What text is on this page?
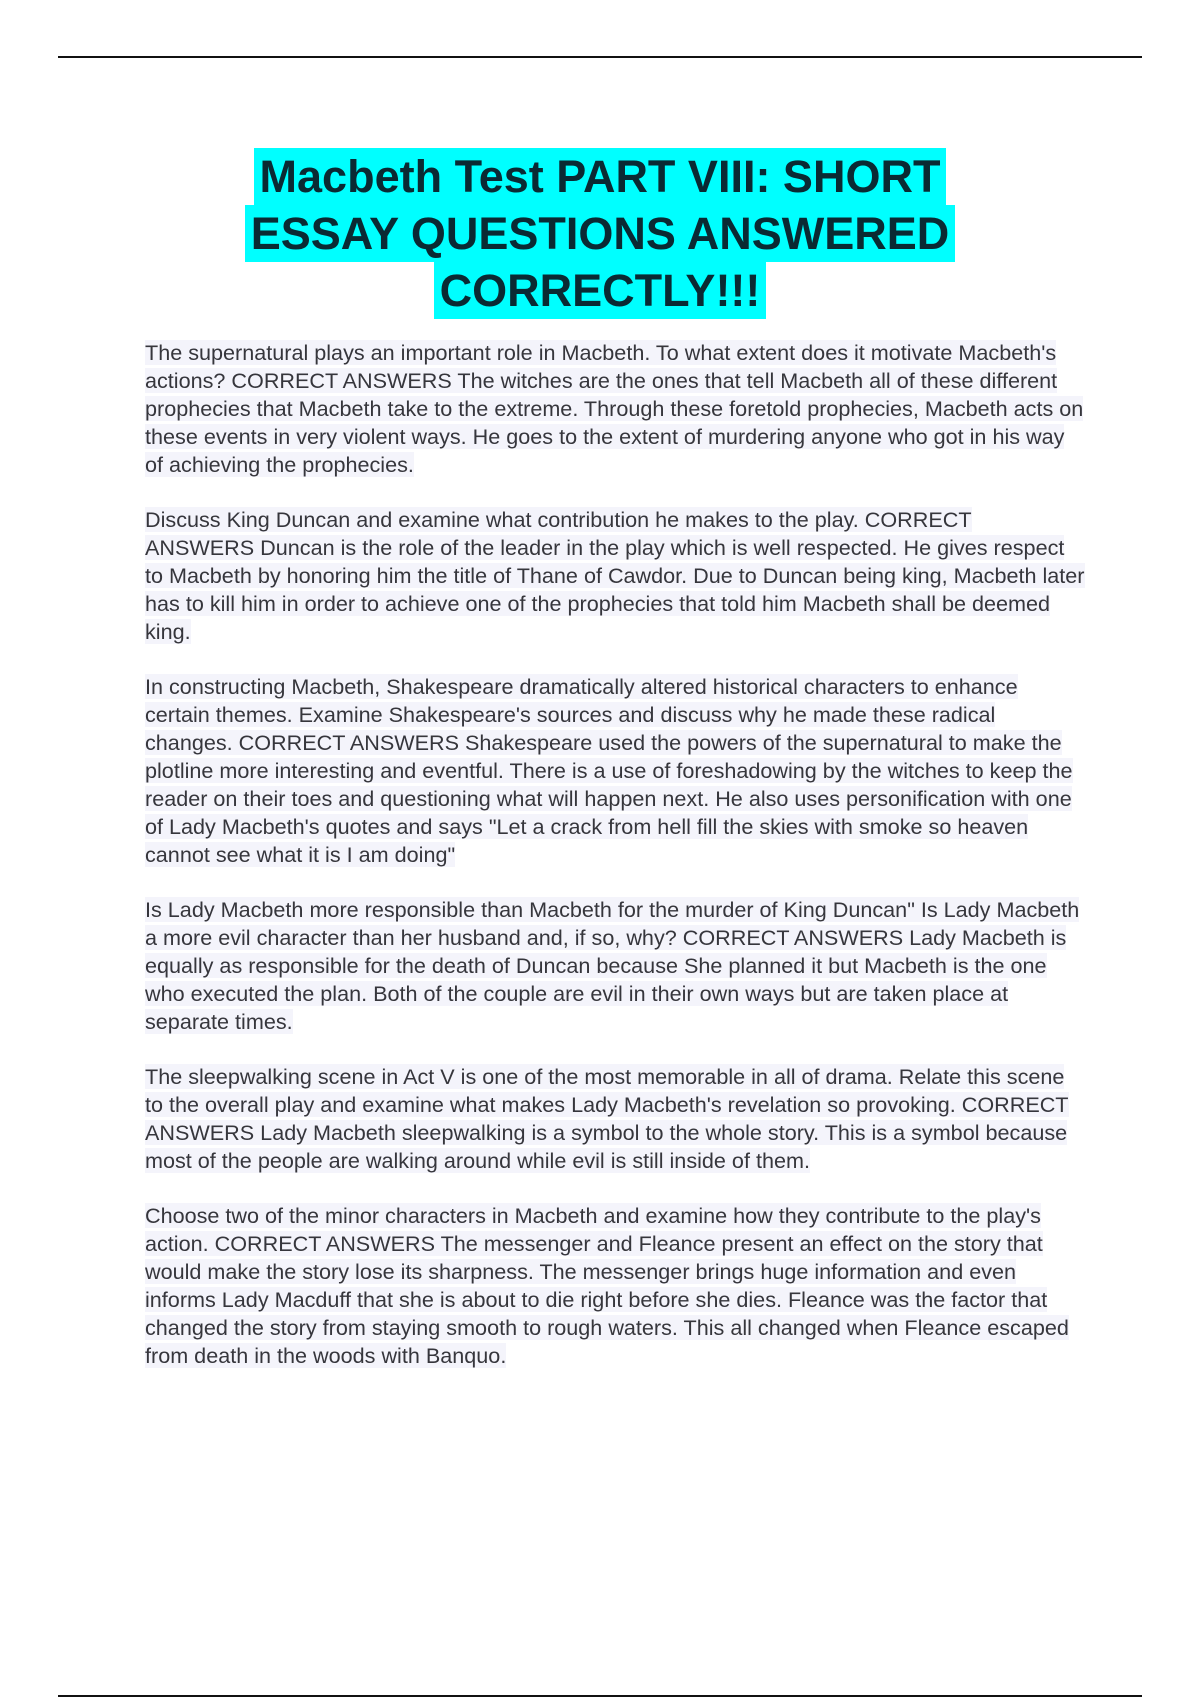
Macbeth Test PART VIII: SHORT
ESSAY QUESTIONS ANSWERED
CORRECTLY!!!

The supernatural plays an important role in Macbeth. To what extent does it motivate Macbeth's actions? CORRECT ANSWERS The witches are the ones that tell Macbeth all of these different prophecies that Macbeth take to the extreme. Through these foretold prophecies, Macbeth acts on these events in very violent ways. He goes to the extent of murdering anyone who got in his way of achieving the prophecies.

Discuss King Duncan and examine what contribution he makes to the play. CORRECT ANSWERS Duncan is the role of the leader in the play which is well respected. He gives respect to Macbeth by honoring him the title of Thane of Cawdor. Due to Duncan being king, Macbeth later has to kill him in order to achieve one of the prophecies that told him Macbeth shall be deemed king.

In constructing Macbeth, Shakespeare dramatically altered historical characters to enhance certain themes. Examine Shakespeare's sources and discuss why he made these radical changes. CORRECT ANSWERS Shakespeare used the powers of the supernatural to make the plotline more interesting and eventful. There is a use of foreshadowing by the witches to keep the reader on their toes and questioning what will happen next. He also uses personification with one of Lady Macbeth's quotes and says "Let a crack from hell fill the skies with smoke so heaven cannot see what it is I am doing"

Is Lady Macbeth more responsible than Macbeth for the murder of King Duncan" Is Lady Macbeth a more evil character than her husband and, if so, why? CORRECT ANSWERS Lady Macbeth is equally as responsible for the death of Duncan because She planned it but Macbeth is the one who executed the plan. Both of the couple are evil in their own ways but are taken place at separate times.

The sleepwalking scene in Act V is one of the most memorable in all of drama. Relate this scene to the overall play and examine what makes Lady Macbeth's revelation so provoking. CORRECT ANSWERS Lady Macbeth sleepwalking is a symbol to the whole story. This is a symbol because most of the people are walking around while evil is still inside of them.

Choose two of the minor characters in Macbeth and examine how they contribute to the play's action. CORRECT ANSWERS The messenger and Fleance present an effect on the story that would make the story lose its sharpness. The messenger brings huge information and even informs Lady Macduff that she is about to die right before she dies. Fleance was the factor that changed the story from staying smooth to rough waters. This all changed when Fleance escaped from death in the woods with Banquo.
